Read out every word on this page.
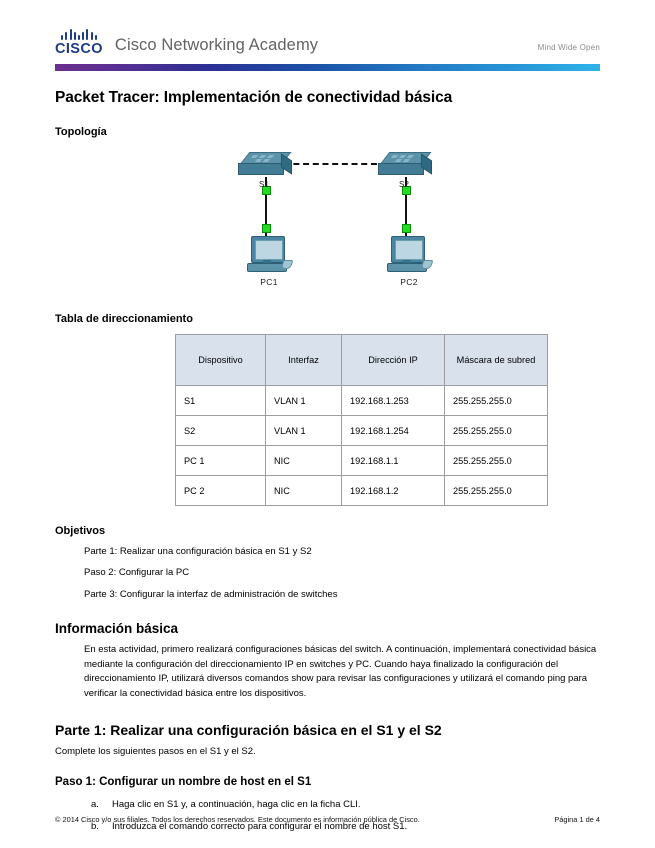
CISCO Cisco Networking Academy	Mind Wide Open
Packet Tracer: Implementación de conectividad básica
Topología
S1	S2
PC1	PC2
Tabla de direccionamiento
Dispositivo	Interfaz	Dirección IP	Máscara de subred
S1	VLAN 1	192.168.1.253	255.255.255.0
S2	VLAN 1	192.168.1.254	255.255.255.0
PC 1	NIC	192.168.1.1	255.255.255.0
PC 2	NIC	192.168.1.2	255.255.255.0
Objetivos
Parte 1: Realizar una configuración básica en S1 y S2
Paso 2: Configurar la PC
Parte 3: Configurar la interfaz de administración de switches
Información básica

En esta actividad, primero realizará configuraciones básicas del switch. A continuación, implementará conectividad básica mediante la configuración del direccionamiento IP en switches y PC. Cuando haya finalizado la configuración del direccionamiento IP, utilizará diversos comandos show para revisar las configuraciones y utilizará el comando ping para verificar la conectividad básica entre los dispositivos.

Parte 1: Realizar una configuración básica en el S1 y el S2

Complete los siguientes pasos en el S1 y el S2.

Paso 1: Configurar un nombre de host en el S1
a. Haga clic en S1 y, a continuación, haga clic en la ficha CLI.
b. Introduzca el comando correcto para configurar el nombre de host S1.
© 2014 Cisco y/o sus filiales. Todos los derechos reservados. Este documento es información pública de Cisco.	Página 1 de 4
